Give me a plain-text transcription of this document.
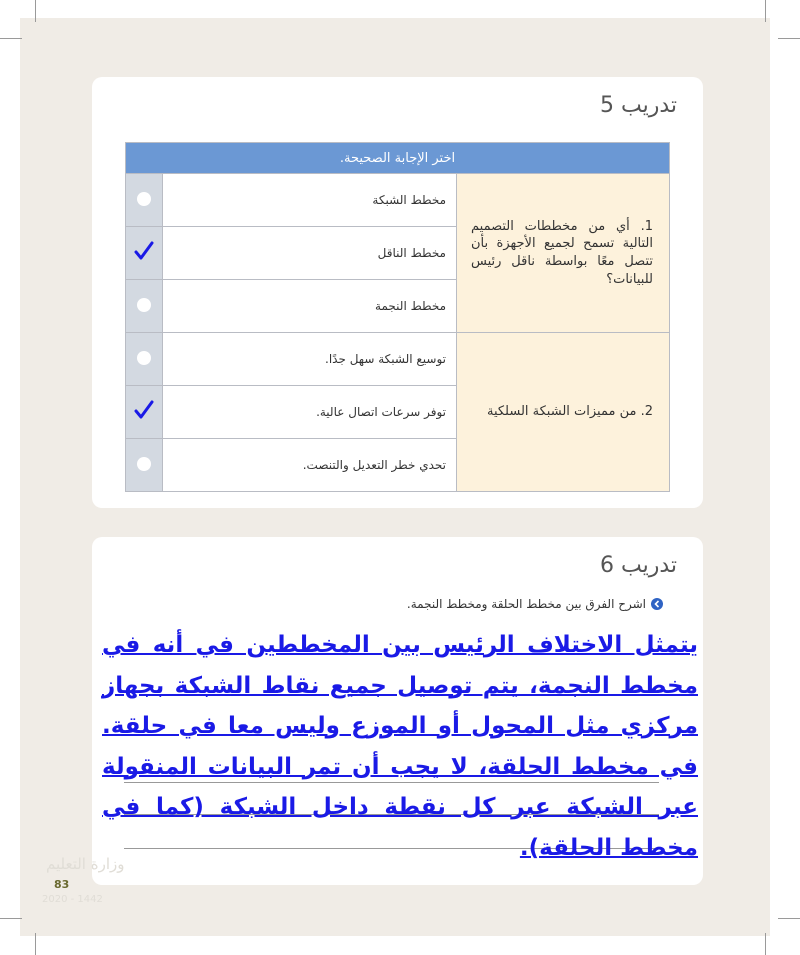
تدريب 5
اختر الإجابة الصحيحة.		
1. أي من مخططات التصميم التالية تسمح لجميع الأجهزة بأن تتصل معًا بواسطة ناقل رئيس للبيانات؟	مخطط الشبكة	
	مخطط الناقل	
	مخطط النجمة	
2. من مميزات الشبكة السلكية	توسيع الشبكة سهل جدًا.	
	توفر سرعات اتصال عالية.	
	تحدي خطر التعديل والتنصت.	
تدريب 6
اشرح الفرق بين مخطط الحلقة ومخطط النجمة.
يتمثل الاختلاف الرئيس بين المخططين في أنه في مخطط النجمة، يتم توصيل جميع نقاط الشبكة بجهاز مركزي مثل المحول أو الموزع وليس معا في حلقة. في مخطط الحلقة، لا يجب أن تمر البيانات المنقولة عبر الشبكة عبر كل نقطة داخل الشبكة (كما في مخطط الحلقة).
وزارة التعليم
2020 - 1442
83
